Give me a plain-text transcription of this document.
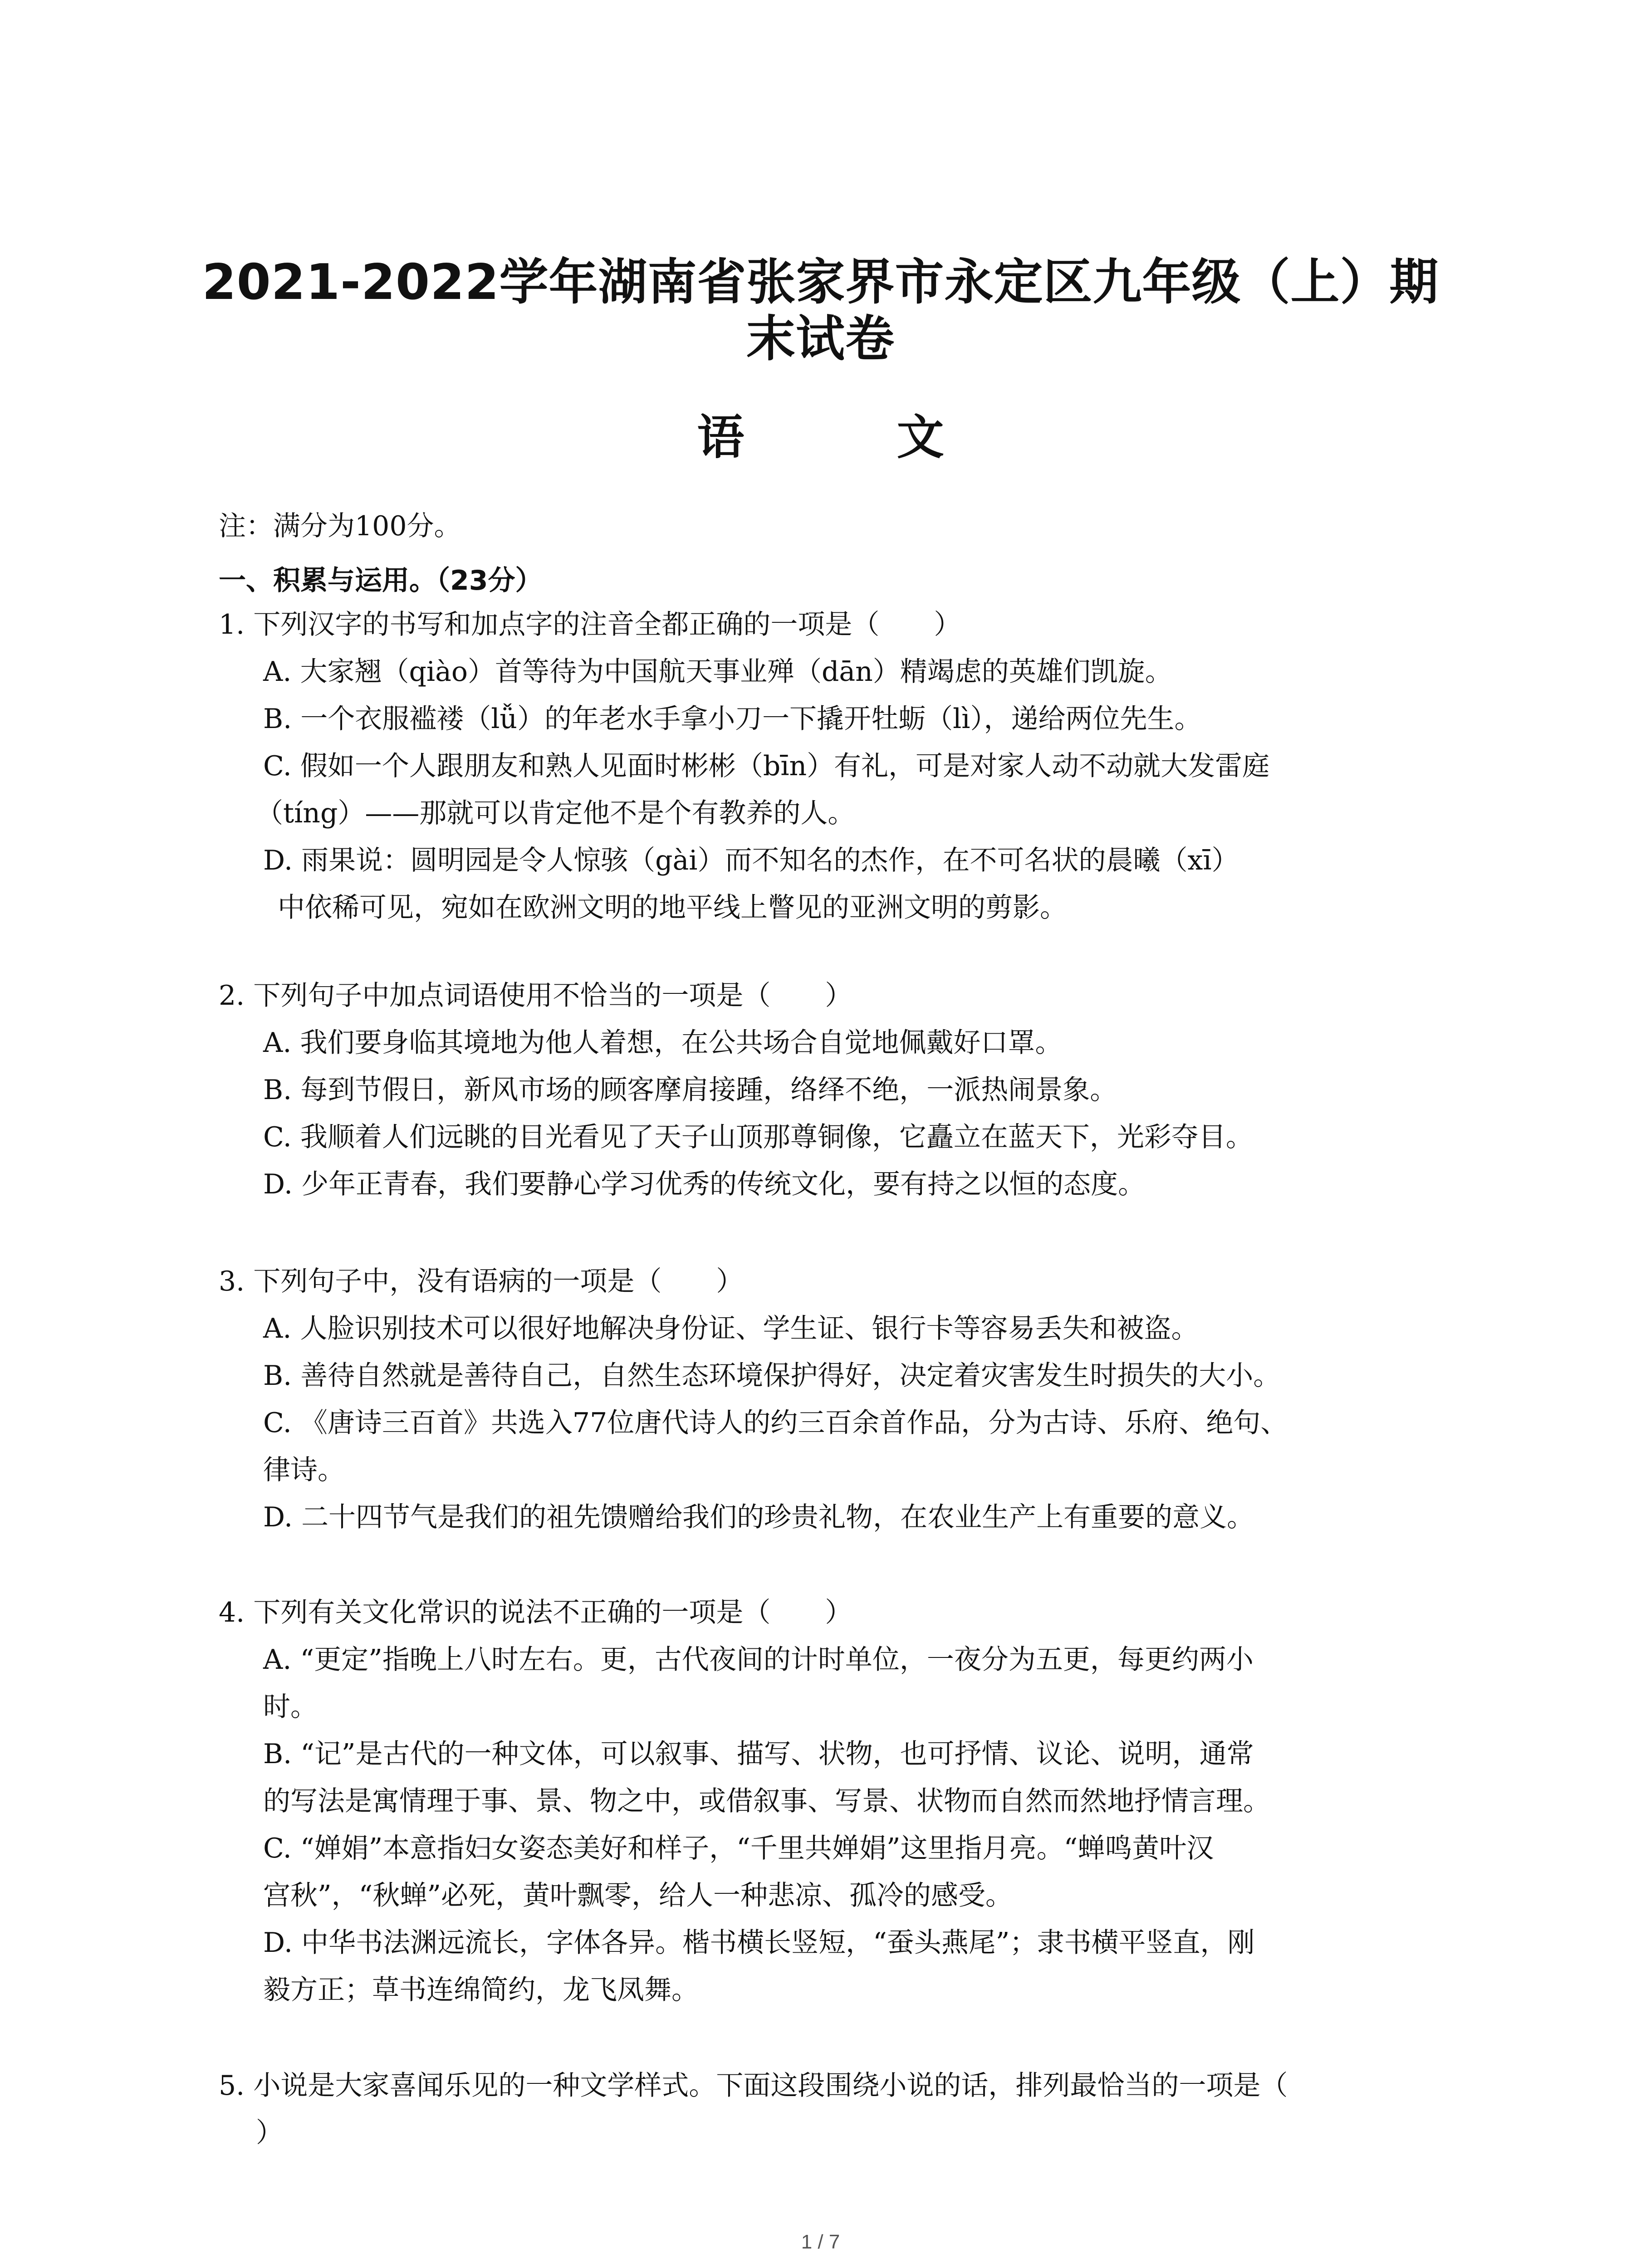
2021-2022学年湖南省张家界市永定区九年级（上）期
末试卷
语 文
注：满分为100分。
一、积累与运用。（23分）
1. 下列汉字的书写和加点字的注音全都正确的一项是（　　）
A. 大家翘（qiào）首等待为中国航天事业殚（dān）精竭虑的英雄们凯旋。
B. 一个衣服褴褛（lǚ）的年老水手拿小刀一下撬开牡蛎（lì），递给两位先生。
C. 假如一个人跟朋友和熟人见面时彬彬（bīn）有礼，可是对家人动不动就大发雷庭
（tíng）——那就可以肯定他不是个有教养的人。
D. 雨果说：圆明园是令人惊骇（gài）而不知名的杰作，在不可名状的晨曦（xī）
中依稀可见，宛如在欧洲文明的地平线上瞥见的亚洲文明的剪影。
2. 下列句子中加点词语使用不恰当的一项是（　　）
A. 我们要身临其境地为他人着想，在公共场合自觉地佩戴好口罩。
B. 每到节假日，新风市场的顾客摩肩接踵，络绎不绝，一派热闹景象。
C. 我顺着人们远眺的目光看见了天子山顶那尊铜像，它矗立在蓝天下，光彩夺目。
D. 少年正青春，我们要静心学习优秀的传统文化，要有持之以恒的态度。
3. 下列句子中，没有语病的一项是（　　）
A. 人脸识别技术可以很好地解决身份证、学生证、银行卡等容易丢失和被盗。
B. 善待自然就是善待自己，自然生态环境保护得好，决定着灾害发生时损失的大小。
C. 《唐诗三百首》共选入77位唐代诗人的约三百余首作品，分为古诗、乐府、绝句、
律诗。
D. 二十四节气是我们的祖先馈赠给我们的珍贵礼物，在农业生产上有重要的意义。
4. 下列有关文化常识的说法不正确的一项是（　　）
A. “更定”指晚上八时左右。更，古代夜间的计时单位，一夜分为五更，每更约两小
时。
B. “记”是古代的一种文体，可以叙事、描写、状物，也可抒情、议论、说明，通常
的写法是寓情理于事、景、物之中，或借叙事、写景、状物而自然而然地抒情言理。
C. “婵娟”本意指妇女姿态美好和样子，“千里共婵娟”这里指月亮。“蝉鸣黄叶汉
宫秋”，“秋蝉”必死，黄叶飘零，给人一种悲凉、孤冷的感受。
D. 中华书法渊远流长，字体各异。楷书横长竖短，“蚕头燕尾”；隶书横平竖直，刚
毅方正；草书连绵简约，龙飞凤舞。
5. 小说是大家喜闻乐见的一种文学样式。下面这段围绕小说的话，排列最恰当的一项是（
）
1 / 7
